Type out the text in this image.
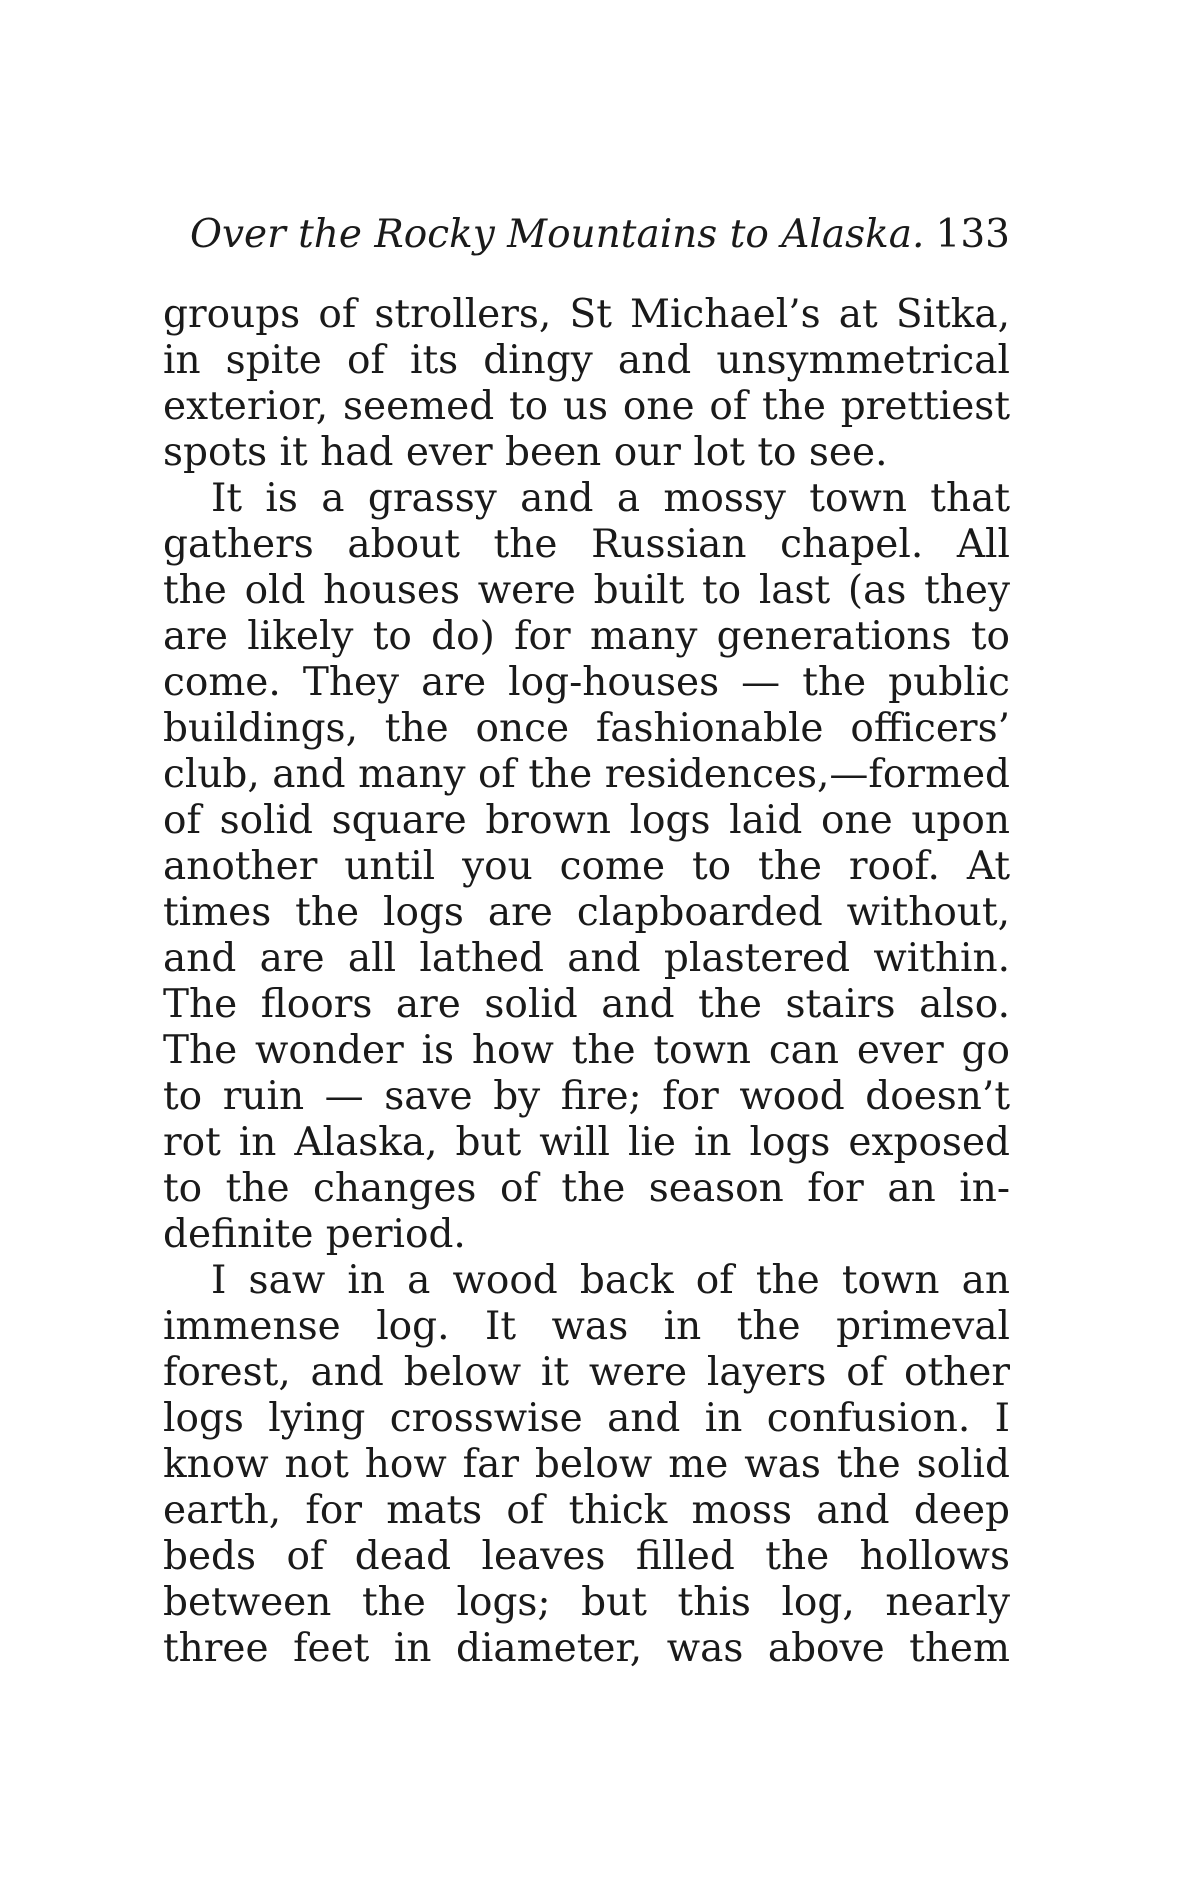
Over the Rocky Mountains to Alaska. 133
groups of strollers, St Michael’s at Sitka,
in spite of its dingy and unsymmetrical
exterior, seemed to us one of the prettiest
spots it had ever been our lot to see.
It is a grassy and a mossy town that
gathers about the Russian chapel. All
the old houses were built to last (as they
are likely to do) for many generations to
come. They are log-houses — the public
buildings, the once fashionable officers’
club, and many of the residences,—formed
of solid square brown logs laid one upon
another until you come to the roof. At
times the logs are clapboarded without,
and are all lathed and plastered within.
The floors are solid and the stairs also.
The wonder is how the town can ever go
to ruin — save by fire; for wood doesn’t
rot in Alaska, but will lie in logs exposed
to the changes of the season for an in-
definite period.
I saw in a wood back of the town an
immense log. It was in the primeval
forest, and below it were layers of other
logs lying crosswise and in confusion. I
know not how far below me was the solid
earth, for mats of thick moss and deep
beds of dead leaves filled the hollows
between the logs; but this log, nearly
three feet in diameter, was above them
